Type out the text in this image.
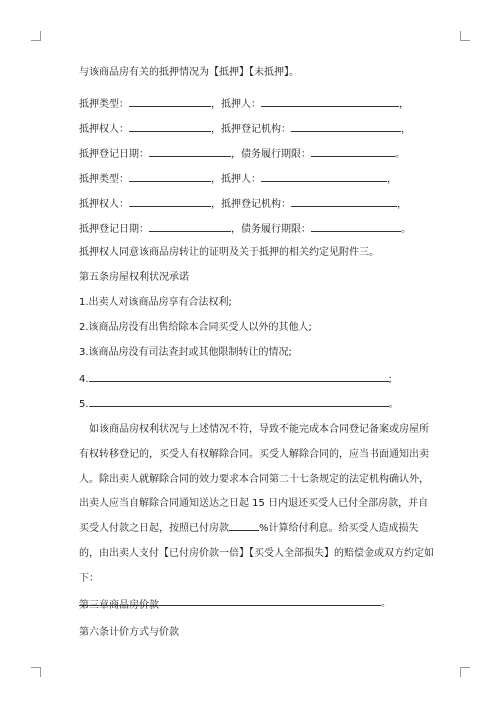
与该商品房有关的抵押情况为【抵押】【未抵押】。
抵押类型：	，抵押人：	，
抵押权人：	，抵押登记机构：	，
抵押登记日期：	，债务履行期限：	。
抵押类型：	，抵押人：	，
抵押权人：	，抵押登记机构：	，
抵押登记日期：	，债务履行期限：	。
抵押权人同意该商品房转让的证明及关于抵押的相关约定见附件三。
第五条房屋权利状况承诺
1.出卖人对该商品房享有合法权利;
2.该商品房没有出售给除本合同买受人以外的其他人;
3.该商品房没有司法查封或其他限制转让的情况;
4.	;
5.	。
如该商品房权利状况与上述情况不符，导致不能完成本合同登记备案或房屋所有权转移登记的，买受人有权解除合同。买受人解除合同的，应当书面通知出卖人。除出卖人就解除合同的效力要求本合同第二十七条规定的法定机构确认外，出卖人应当自解除合同通知送达之日起 15 日内退还买受人已付全部房款，并自买受人付款之日起，按照已付房款	%计算给付利息。给买受人造成损失的，由出卖人支付【已付房价款一倍】【买受人全部损失】的赔偿金或双方约定如下：
。
第三章商品房价款
第六条计价方式与价款
